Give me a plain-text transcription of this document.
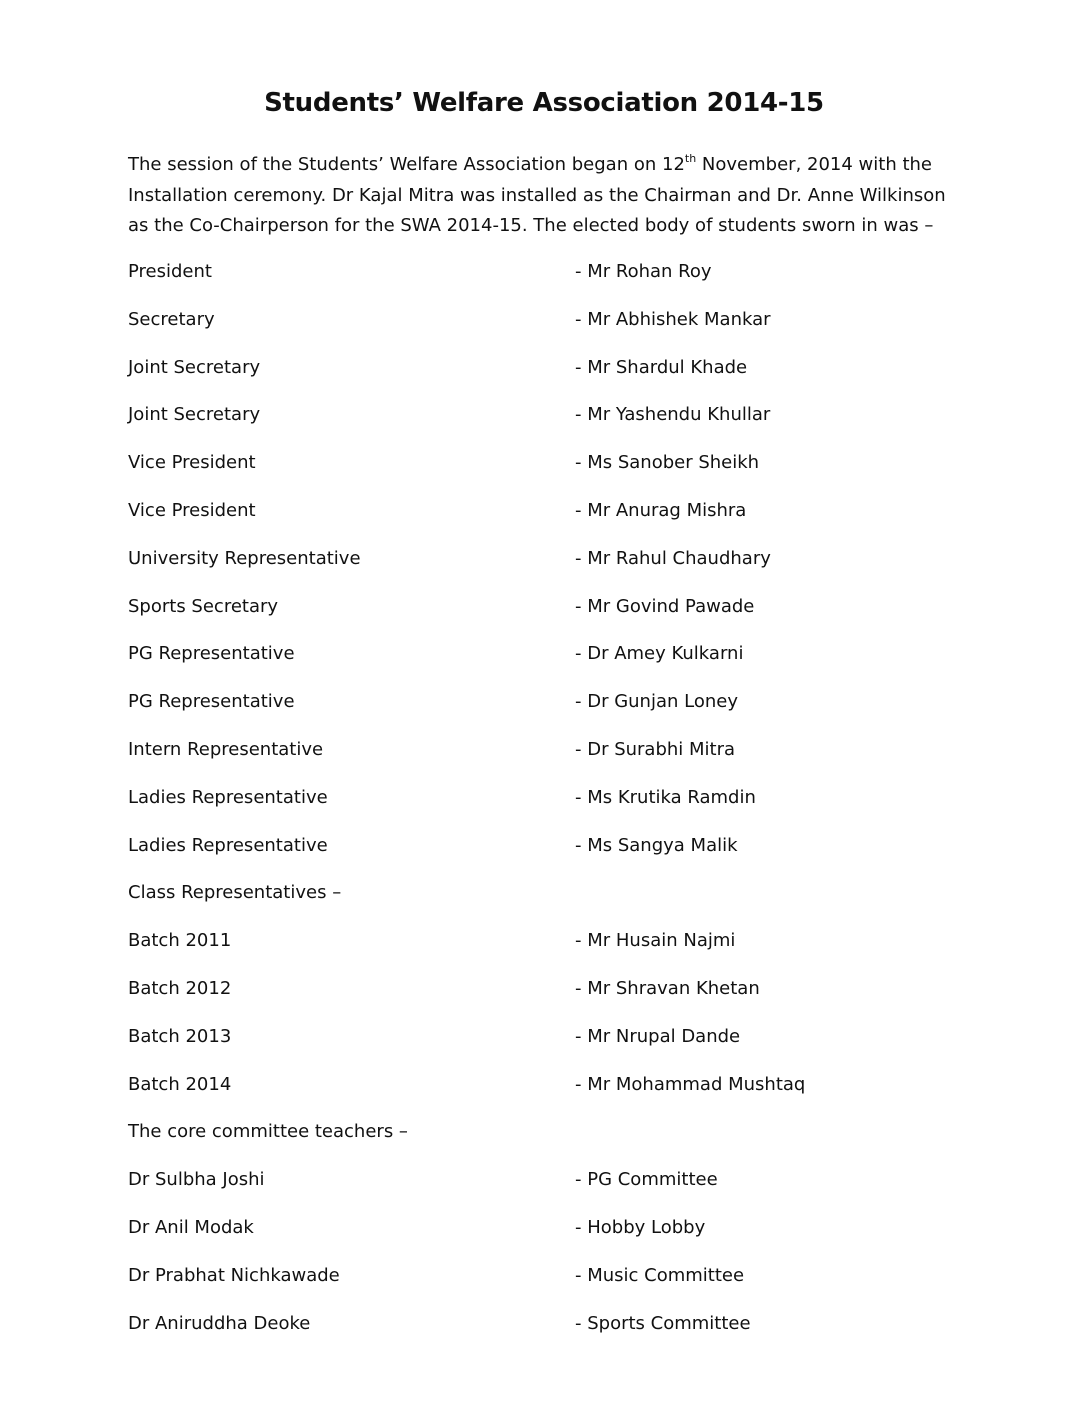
Students’ Welfare Association 2014-15

The session of the Students’ Welfare Association began on 12th November, 2014 with the Installation ceremony. Dr Kajal Mitra was installed as the Chairman and Dr. Anne Wilkinson as the Co-Chairperson for the SWA 2014-15. The elected body of students sworn in was –

President	- Mr Rohan Roy
Secretary	- Mr Abhishek Mankar
Joint Secretary	- Mr Shardul Khade
Joint Secretary	- Mr Yashendu Khullar
Vice President	- Ms Sanober Sheikh
Vice President	- Mr Anurag Mishra
University Representative	- Mr Rahul Chaudhary
Sports Secretary	- Mr Govind Pawade
PG Representative	- Dr Amey Kulkarni
PG Representative	- Dr Gunjan Loney
Intern Representative	- Dr Surabhi Mitra
Ladies Representative	- Ms Krutika Ramdin
Ladies Representative	- Ms Sangya Malik
Class Representatives –
Batch 2011	- Mr Husain Najmi
Batch 2012	- Mr Shravan Khetan
Batch 2013	- Mr Nrupal Dande
Batch 2014	- Mr Mohammad Mushtaq
The core committee teachers –
Dr Sulbha Joshi	- PG Committee
Dr Anil Modak	- Hobby Lobby
Dr Prabhat Nichkawade	- Music Committee
Dr Aniruddha Deoke	- Sports Committee
